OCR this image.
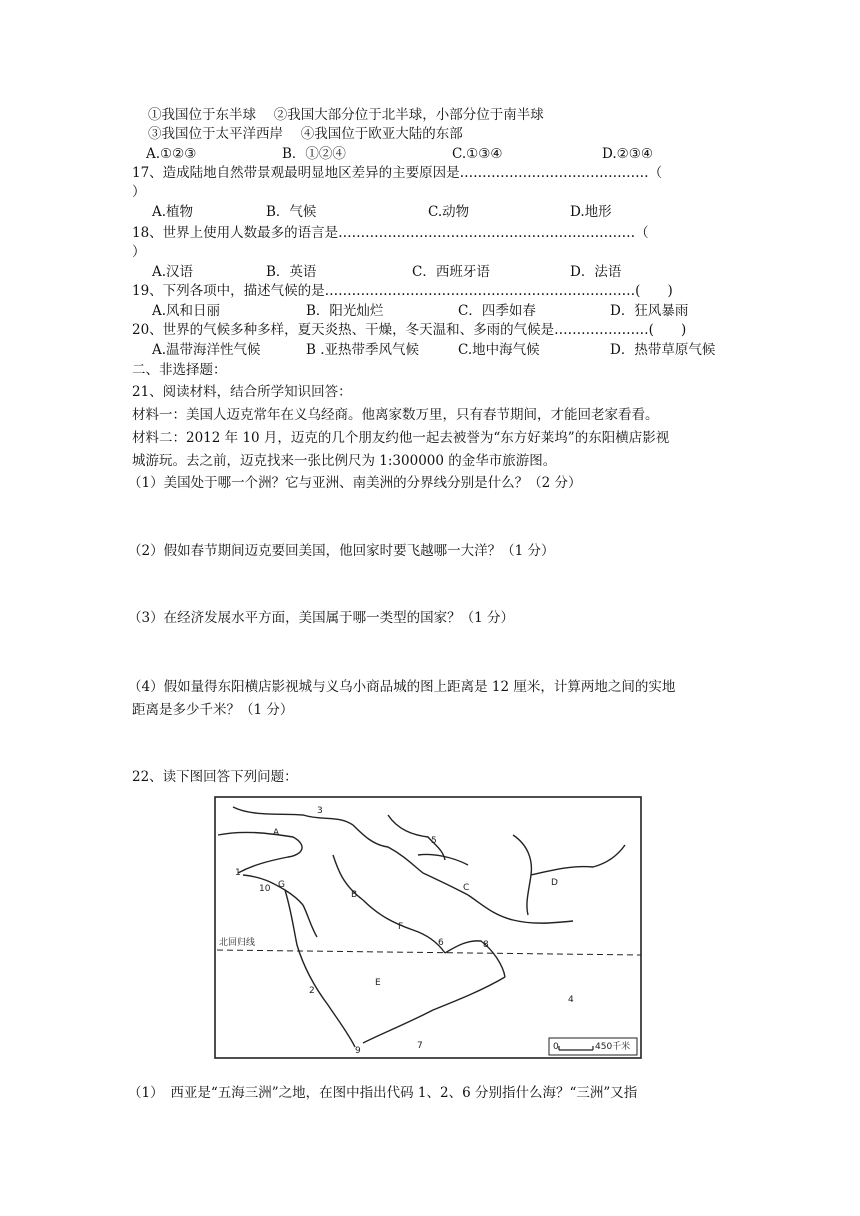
①我国位于东半球　 ②我国大部分位于北半球，小部分位于南半球
③我国位于太平洋西岸　 ④我国位于欧亚大陆的东部
A.①②③	B．①②④	C.①③④	D.②③④
17、造成陆地自然带景观最明显地区差异的主要原因是……………………………………（
）
A.植物	B．气候	C.动物	D.地形
18、世界上使用人数最多的语言是…………………………………………………………（
）
A.汉语	B．英语	C．西班牙语	D．法语
19、下列各项中，描述气候的是……………………………………………………………(　　)
A.风和日丽	B．阳光灿烂	C．四季如春	D．狂风暴雨
20、世界的气候多种多样，夏天炎热、干燥，冬天温和、多雨的气候是…………………(　　)
A.温带海洋性气候	B .亚热带季风气候	C.地中海气候	D．热带草原气候
二、非选择题：
21、阅读材料，结合所学知识回答：
材料一：美国人迈克常年在义乌经商。他离家数万里，只有春节期间，才能回老家看看。
材料二：2012 年 10 月，迈克的几个朋友约他一起去被誉为“东方好莱坞”的东阳横店影视
城游玩。去之前，迈克找来一张比例尺为 1:300000 的金华市旅游图。
（1）美国处于哪一个洲？它与亚洲、南美洲的分界线分别是什么？（2 分）
（2）假如春节期间迈克要回美国，他回家时要飞越哪一大洋？（1 分）
（3）在经济发展水平方面，美国属于哪一类型的国家？（1 分）
（4）假如量得东阳横店影视城与义乌小商品城的图上距离是 12 厘米，计算两地之间的实地
距离是多少千米？（1 分）
22、读下图回答下列问题：
北回归线
A
B
C	D
E
F
G
1
2
3
4
5
6
7
8
9
10
0	450千米
（1）　西亚是“五海三洲”之地，在图中指出代码 1、2、6 分别指什么海？“三洲”又指
